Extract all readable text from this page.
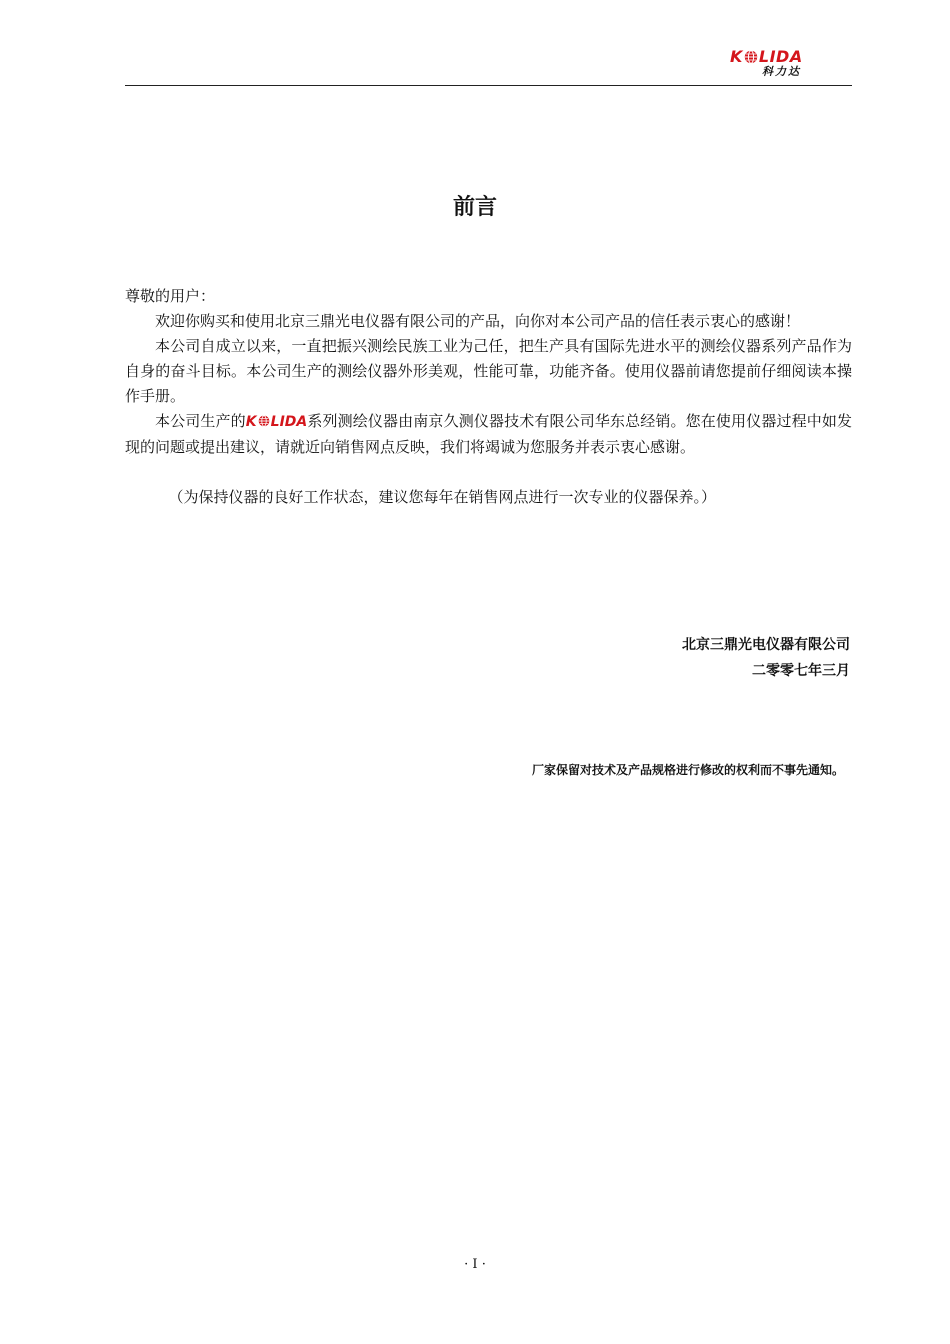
K LIDA
科力达
前言

尊敬的用户：

欢迎你购买和使用北京三鼎光电仪器有限公司的产品，向你对本公司产品的信任表示衷心的感谢！

本公司自成立以来，一直把振兴测绘民族工业为己任，把生产具有国际先进水平的测绘仪器系列产品作为自身的奋斗目标。本公司生产的测绘仪器外形美观，性能可靠，功能齐备。使用仪器前请您提前仔细阅读本操作手册。

本公司生产的K LIDA系列测绘仪器由南京久测仪器技术有限公司华东总经销。您在使用仪器过程中如发现的问题或提出建议，请就近向销售网点反映，我们将竭诚为您服务并表示衷心感谢。

（为保持仪器的良好工作状态，建议您每年在销售网点进行一次专业的仪器保养。）

北京三鼎光电仪器有限公司
二零零七年三月
厂家保留对技术及产品规格进行修改的权利而不事先通知。
· I ·
